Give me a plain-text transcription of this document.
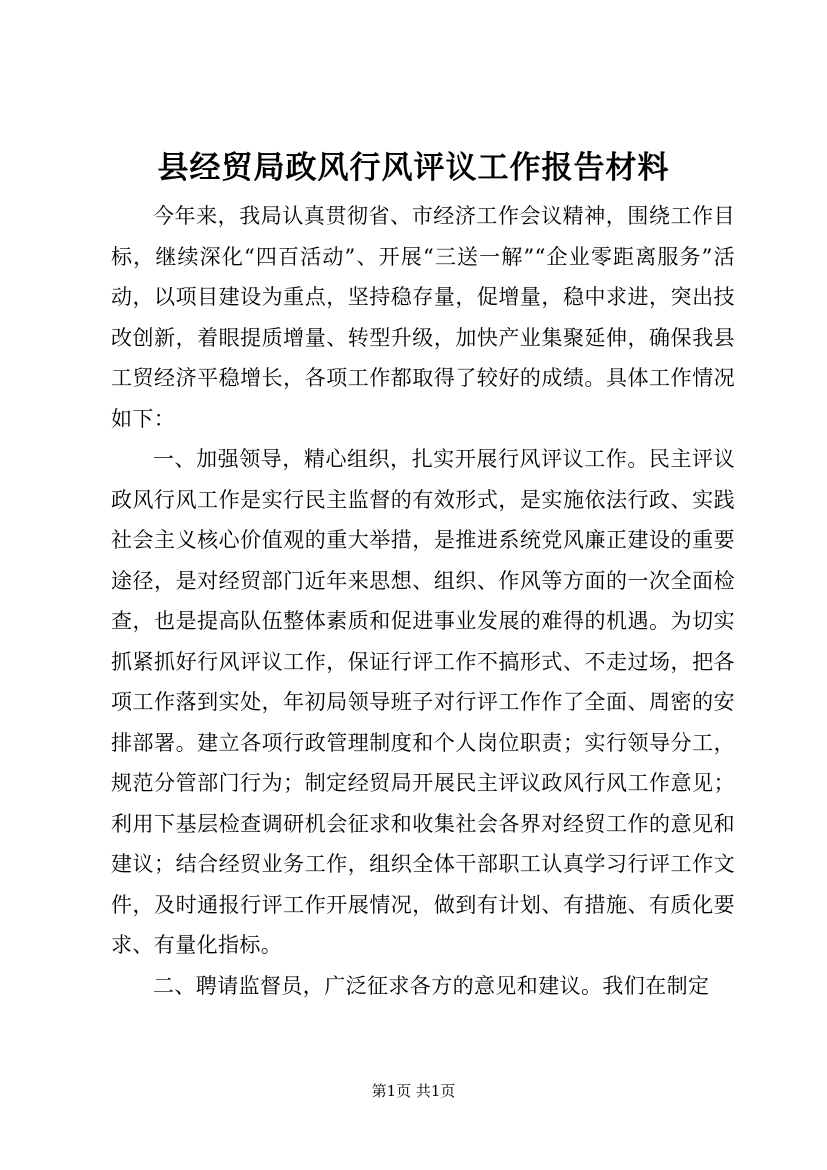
县经贸局政风行风评议工作报告材料

今年来，我局认真贯彻省、市经济工作会议精神，围绕工作目标，继续深化“四百活动”、开展“三送一解”“企业零距离服务”活动，以项目建设为重点，坚持稳存量，促增量，稳中求进，突出技改创新，着眼提质增量、转型升级，加快产业集聚延伸，确保我县工贸经济平稳增长，各项工作都取得了较好的成绩。具体工作情况如下：

一、加强领导，精心组织，扎实开展行风评议工作。民主评议政风行风工作是实行民主监督的有效形式，是实施依法行政、实践社会主义核心价值观的重大举措，是推进系统党风廉正建设的重要途径，是对经贸部门近年来思想、组织、作风等方面的一次全面检查，也是提高队伍整体素质和促进事业发展的难得的机遇。为切实抓紧抓好行风评议工作，保证行评工作不搞形式、不走过场，把各项工作落到实处，年初局领导班子对行评工作作了全面、周密的安排部署。建立各项行政管理制度和个人岗位职责；实行领导分工，规范分管部门行为；制定经贸局开展民主评议政风行风工作意见；利用下基层检查调研机会征求和收集社会各界对经贸工作的意见和建议；结合经贸业务工作，组织全体干部职工认真学习行评工作文件，及时通报行评工作开展情况，做到有计划、有措施、有质化要求、有量化指标。

二、聘请监督员，广泛征求各方的意见和建议。我们在制定

第1页 共1页
